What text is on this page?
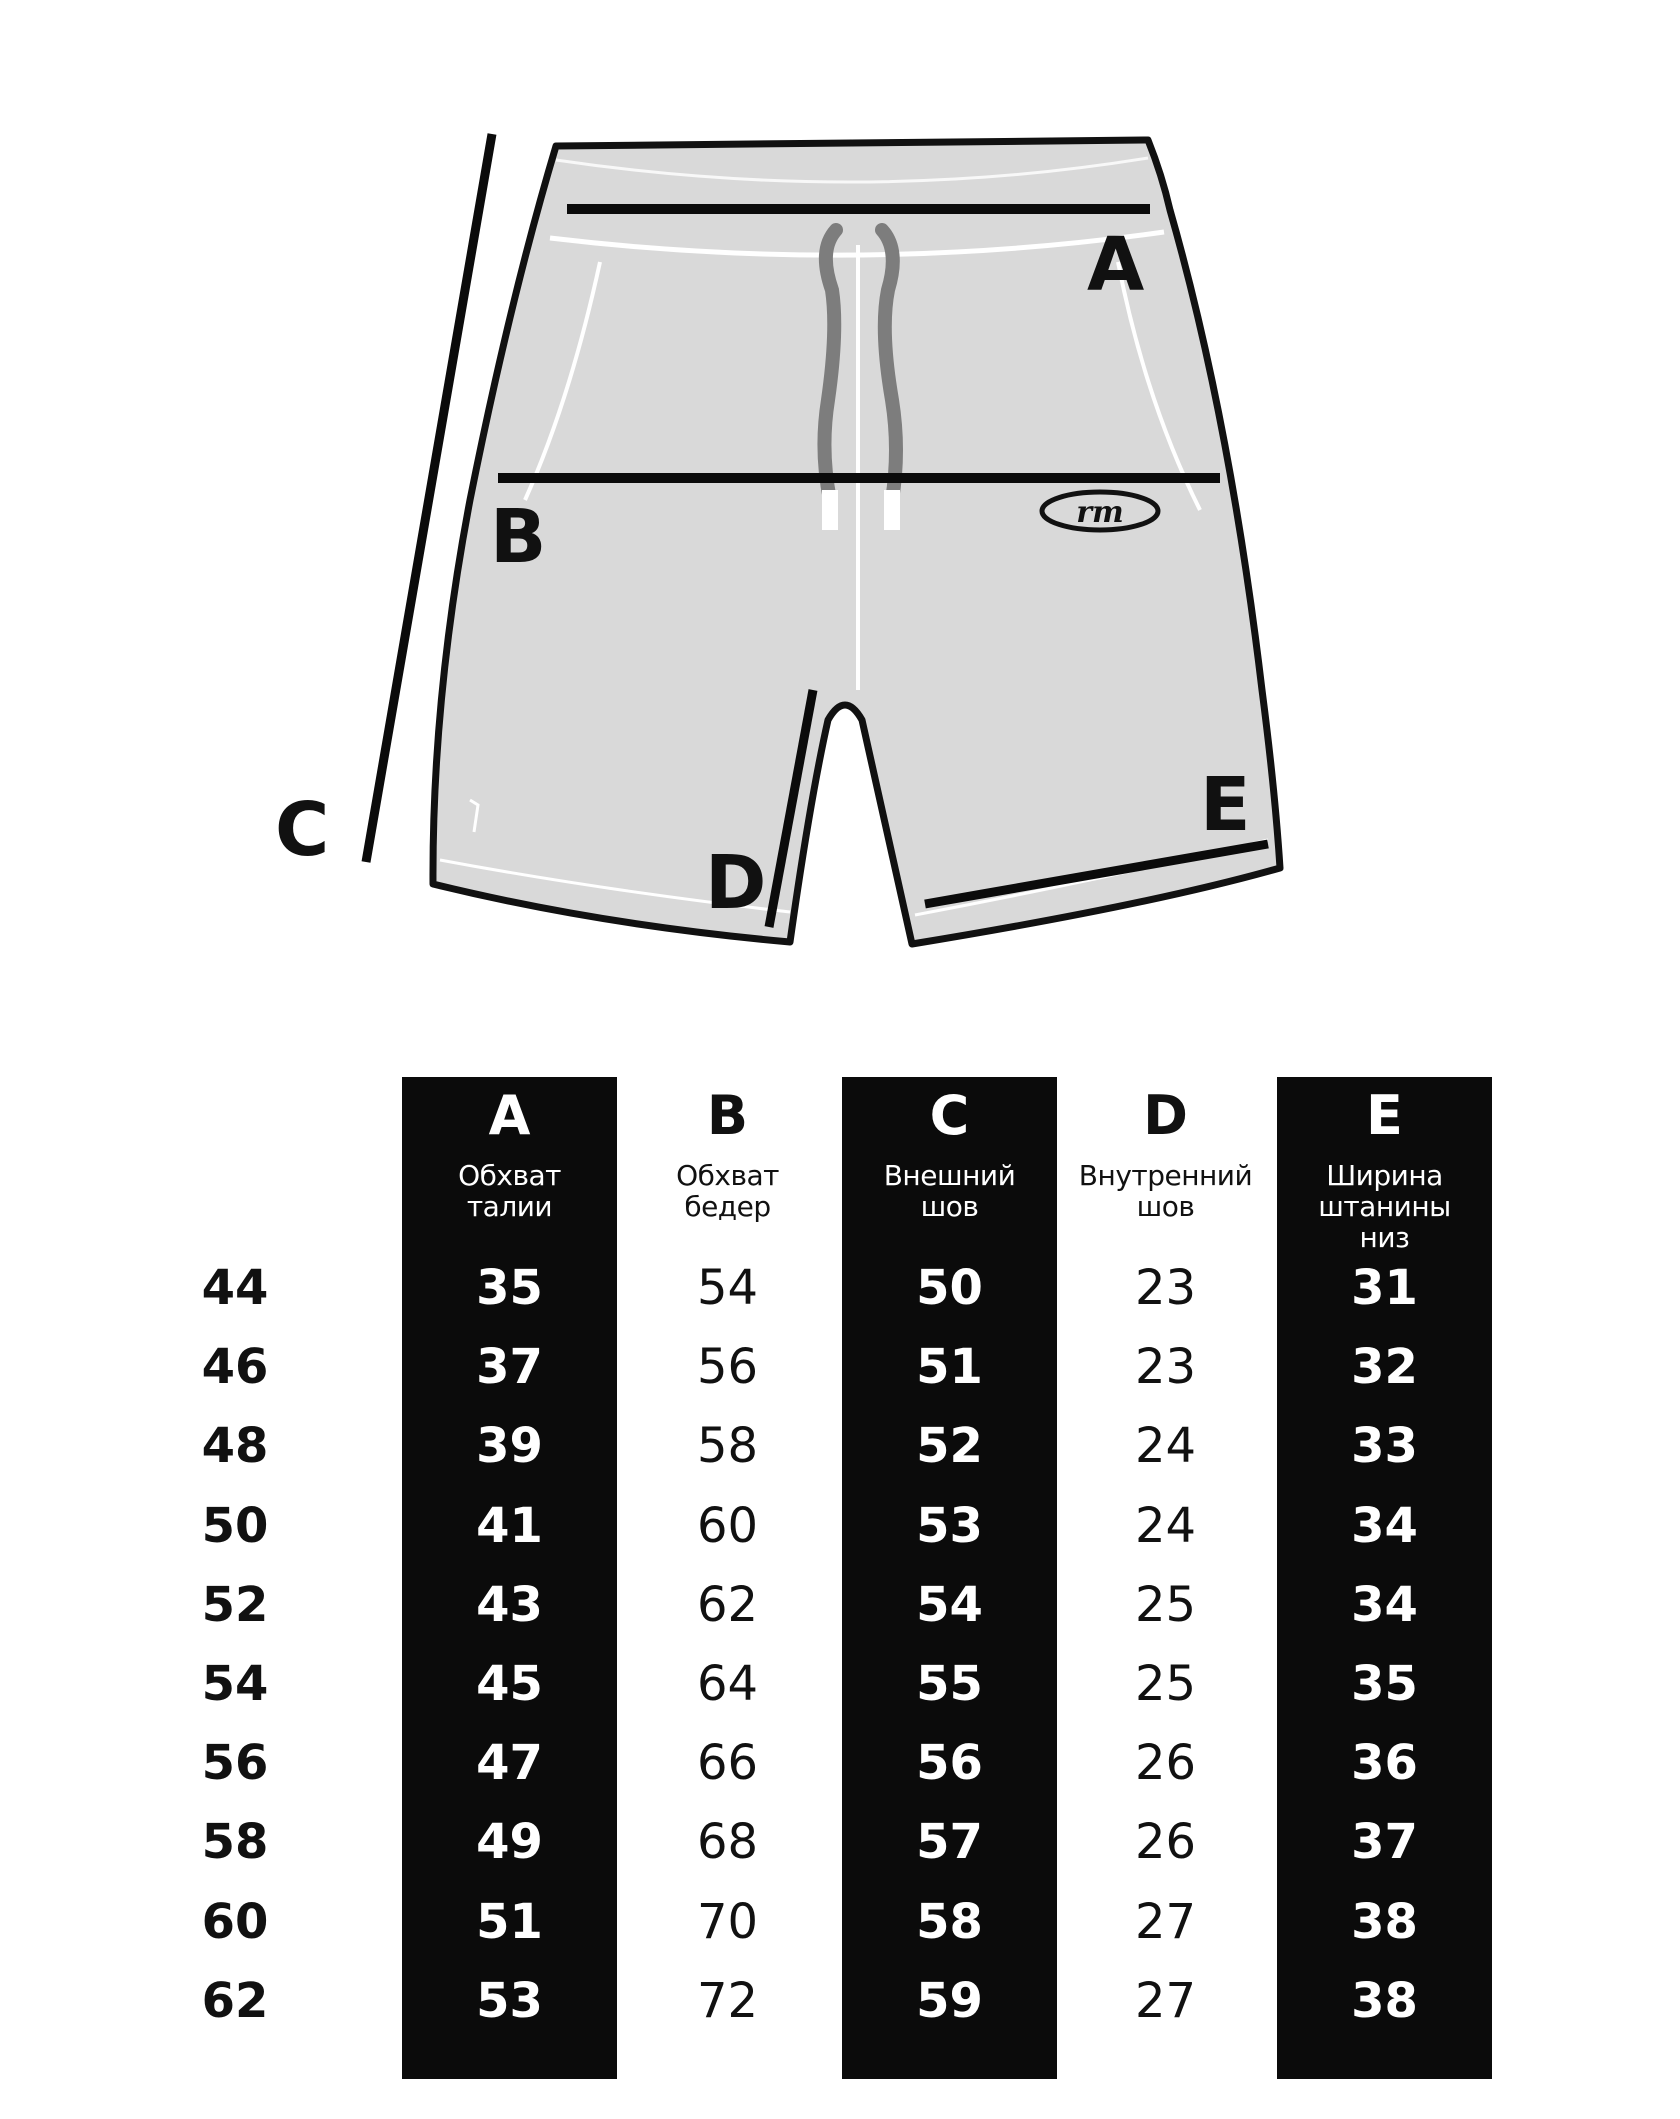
rm
A
B
C
D
E
A
Обхват
талии
35
37
39
41
43
45
47
49
51
53
B
Обхват
бедер
54
56
58
60
62
64
66
68
70
72
C
Внешний
шов
50
51
52
53
54
55
56
57
58
59
D
Внутренний
шов
23
23
24
24
25
25
26
26
27
27
E
Ширина
штанины
низ
31
32
33
34
34
35
36
37
38
38
44
46
48
50
52
54
56
58
60
62
